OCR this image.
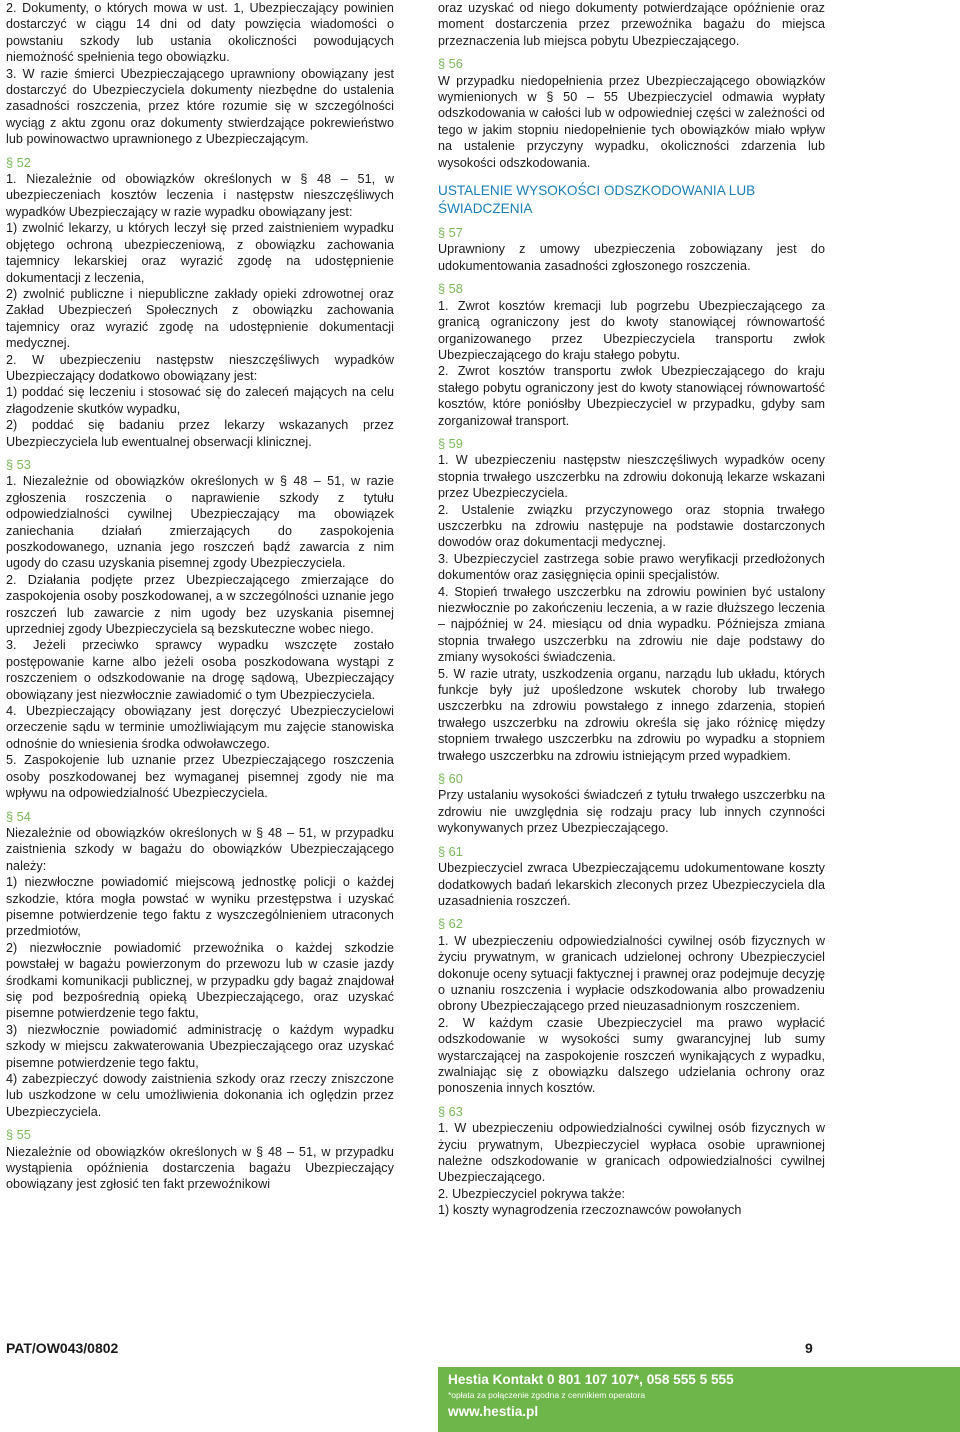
2. Dokumenty, o których mowa w ust. 1, Ubezpieczający powinien dostarczyć w ciągu 14 dni od daty powzięcia wiadomości o powstaniu szkody lub ustania okoliczności powodujących niemożność spełnienia tego obowiązku.

3. W razie śmierci Ubezpieczającego uprawniony obowiązany jest dostarczyć do Ubezpieczyciela dokumenty niezbędne do ustalenia zasadności roszczenia, przez które rozumie się w szczególności wyciąg z aktu zgonu oraz dokumenty stwierdzające pokrewieństwo lub powinowactwo uprawnionego z Ubezpieczającym.

§ 52

1. Niezależnie od obowiązków określonych w § 48 – 51, w ubezpieczeniach kosztów leczenia i następstw nieszczęśliwych wypadków Ubezpieczający w razie wypadku obowiązany jest:

1) zwolnić lekarzy, u których leczył się przed zaistnieniem wypadku objętego ochroną ubezpieczeniową, z obowiązku zachowania tajemnicy lekarskiej oraz wyrazić zgodę na udostępnienie dokumentacji z leczenia,

2) zwolnić publiczne i niepubliczne zakłady opieki zdrowotnej oraz Zakład Ubezpieczeń Społecznych z obowiązku zachowania tajemnicy oraz wyrazić zgodę na udostępnienie dokumentacji medycznej.

2. W ubezpieczeniu następstw nieszczęśliwych wypadków Ubezpieczający dodatkowo obowiązany jest:

1) poddać się leczeniu i stosować się do zaleceń mających na celu złagodzenie skutków wypadku,

2) poddać się badaniu przez lekarzy wskazanych przez Ubezpieczyciela lub ewentualnej obserwacji klinicznej.

§ 53

1. Niezależnie od obowiązków określonych w § 48 – 51, w razie zgłoszenia roszczenia o naprawienie szkody z tytułu odpowiedzialności cywilnej Ubezpieczający ma obowiązek zaniechania działań zmierzających do zaspokojenia poszkodowanego, uznania jego roszczeń bądź zawarcia z nim ugody do czasu uzyskania pisemnej zgody Ubezpieczyciela.

2. Działania podjęte przez Ubezpieczającego zmierzające do zaspokojenia osoby poszkodowanej, a w szczególności uznanie jego roszczeń lub zawarcie z nim ugody bez uzyskania pisemnej uprzedniej zgody Ubezpieczyciela są bezskuteczne wobec niego.

3. Jeżeli przeciwko sprawcy wypadku wszczęte zostało postępowanie karne albo jeżeli osoba poszkodowana wystąpi z roszczeniem o odszkodowanie na drogę sądową, Ubezpieczający obowiązany jest niezwłocznie zawiadomić o tym Ubezpieczyciela.

4. Ubezpieczający obowiązany jest doręczyć Ubezpieczycielowi orzeczenie sądu w terminie umożliwiającym mu zajęcie stanowiska odnośnie do wniesienia środka odwoławczego.

5. Zaspokojenie lub uznanie przez Ubezpieczającego roszczenia osoby poszkodowanej bez wymaganej pisemnej zgody nie ma wpływu na odpowiedzialność Ubezpieczyciela.

§ 54

Niezależnie od obowiązków określonych w § 48 – 51, w przypadku zaistnienia szkody w bagażu do obowiązków Ubezpieczającego należy:

1) niezwłoczne powiadomić miejscową jednostkę policji o każdej szkodzie, która mogła powstać w wyniku przestępstwa i uzyskać pisemne potwierdzenie tego faktu z wyszczególnieniem utraconych przedmiotów,

2) niezwłocznie powiadomić przewoźnika o każdej szkodzie powstałej w bagażu powierzonym do przewozu lub w czasie jazdy środkami komunikacji publicznej, w przypadku gdy bagaż znajdował się pod bezpośrednią opieką Ubezpieczającego, oraz uzyskać pisemne potwierdzenie tego faktu,

3) niezwłocznie powiadomić administrację o każdym wypadku szkody w miejscu zakwaterowania Ubezpieczającego oraz uzyskać pisemne potwierdzenie tego faktu,

4) zabezpieczyć dowody zaistnienia szkody oraz rzeczy zniszczone lub uszkodzone w celu umożliwienia dokonania ich oględzin przez Ubezpieczyciela.

§ 55

Niezależnie od obowiązków określonych w § 48 – 51, w przypadku wystąpienia opóźnienia dostarczenia bagażu Ubezpieczający obowiązany jest zgłosić ten fakt przewoźnikowi

oraz uzyskać od niego dokumenty potwierdzające opóźnienie oraz moment dostarczenia przez przewoźnika bagażu do miejsca przeznaczenia lub miejsca pobytu Ubezpieczającego.

§ 56

W przypadku niedopełnienia przez Ubezpieczającego obowiązków wymienionych w § 50 – 55 Ubezpieczyciel odmawia wypłaty odszkodowania w całości lub w odpowiedniej części w zależności od tego w jakim stopniu niedopełnienie tych obowiązków miało wpływ na ustalenie przyczyny wypadku, okoliczności zdarzenia lub wysokości odszkodowania.

USTALENIE WYSOKOŚCI ODSZKODOWANIA LUB ŚWIADCZENIA
§ 57

Uprawniony z umowy ubezpieczenia zobowiązany jest do udokumentowania zasadności zgłoszonego roszczenia.

§ 58

1. Zwrot kosztów kremacji lub pogrzebu Ubezpieczającego za granicą ograniczony jest do kwoty stanowiącej równowartość organizowanego przez Ubezpieczyciela transportu zwłok Ubezpieczającego do kraju stałego pobytu.

2. Zwrot kosztów transportu zwłok Ubezpieczającego do kraju stałego pobytu ograniczony jest do kwoty stanowiącej równowartość kosztów, które poniósłby Ubezpieczyciel w przypadku, gdyby sam zorganizował transport.

§ 59

1. W ubezpieczeniu następstw nieszczęśliwych wypadków oceny stopnia trwałego uszczerbku na zdrowiu dokonują lekarze wskazani przez Ubezpieczyciela.

2. Ustalenie związku przyczynowego oraz stopnia trwałego uszczerbku na zdrowiu następuje na podstawie dostarczonych dowodów oraz dokumentacji medycznej.

3. Ubezpieczyciel zastrzega sobie prawo weryfikacji przedłożonych dokumentów oraz zasięgnięcia opinii specjalistów.

4. Stopień trwałego uszczerbku na zdrowiu powinien być ustalony niezwłocznie po zakończeniu leczenia, a w razie dłuższego leczenia – najpóźniej w 24. miesiącu od dnia wypadku. Późniejsza zmiana stopnia trwałego uszczerbku na zdrowiu nie daje podstawy do zmiany wysokości świadczenia.

5. W razie utraty, uszkodzenia organu, narządu lub układu, których funkcje były już upośledzone wskutek choroby lub trwałego uszczerbku na zdrowiu powstałego z innego zdarzenia, stopień trwałego uszczerbku na zdrowiu określa się jako różnicę między stopniem trwałego uszczerbku na zdrowiu po wypadku a stopniem trwałego uszczerbku na zdrowiu istniejącym przed wypadkiem.

§ 60

Przy ustalaniu wysokości świadczeń z tytułu trwałego uszczerbku na zdrowiu nie uwzględnia się rodzaju pracy lub innych czynności wykonywanych przez Ubezpieczającego.

§ 61

Ubezpieczyciel zwraca Ubezpieczającemu udokumentowane koszty dodatkowych badań lekarskich zleconych przez Ubezpieczyciela dla uzasadnienia roszczeń.

§ 62

1. W ubezpieczeniu odpowiedzialności cywilnej osób fizycznych w życiu prywatnym, w granicach udzielonej ochrony Ubezpieczyciel dokonuje oceny sytuacji faktycznej i prawnej oraz podejmuje decyzję o uznaniu roszczenia i wypłacie odszkodowania albo prowadzeniu obrony Ubezpieczającego przed nieuzasadnionym roszczeniem.

2. W każdym czasie Ubezpieczyciel ma prawo wypłacić odszkodowanie w wysokości sumy gwarancyjnej lub sumy wystarczającej na zaspokojenie roszczeń wynikających z wypadku, zwalniając się z obowiązku dalszego udzielania ochrony oraz ponoszenia innych kosztów.

§ 63

1. W ubezpieczeniu odpowiedzialności cywilnej osób fizycznych w życiu prywatnym, Ubezpieczyciel wypłaca osobie uprawnionej należne odszkodowanie w granicach odpowiedzialności cywilnej Ubezpieczającego.

2. Ubezpieczyciel pokrywa także:

1) koszty wynagrodzenia rzeczoznawców powołanych

PAT/OW043/0802	9
Hestia Kontakt 0 801 107 107*, 058 555 5 555
*opłata za połączenie zgodna z cennikiem operatora
www.hestia.pl
